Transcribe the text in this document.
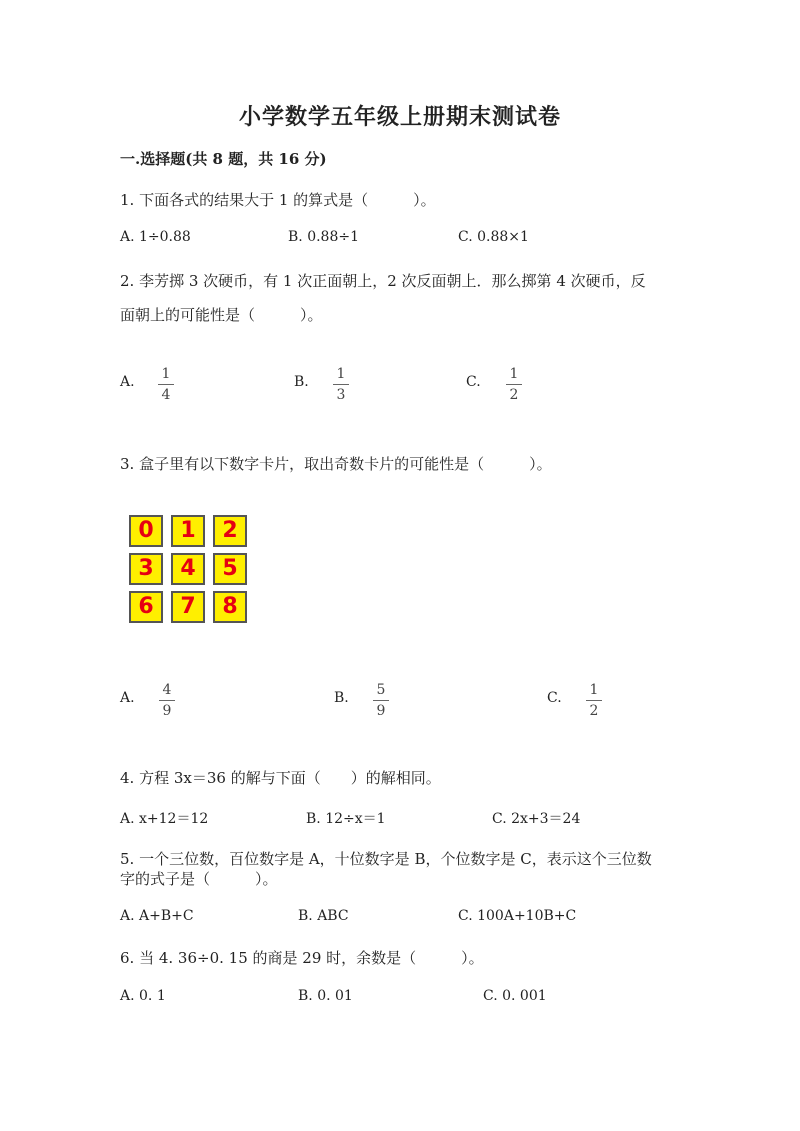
小学数学五年级上册期末测试卷
一.选择题(共 8 题，共 16 分)
1. 下面各式的结果大于 1 的算式是（　　　）。
A. 1÷0.88	B. 0.88÷1	C. 0.88×1
2. 李芳掷 3 次硬币，有 1 次正面朝上，2 次反面朝上．那么掷第 4 次硬币，反
面朝上的可能性是（　　　）。
A. 1
4
B. 1
3
C. 1
2
3. 盒子里有以下数字卡片，取出奇数卡片的可能性是（　　　）。
0	1	2
3	4	5
6	7	8
A. 4
9
B. 5
9
C. 1
2
4. 方程 3x＝36 的解与下面（　　）的解相同。
A. x+12＝12	B. 12÷x＝1	C. 2x+3＝24
5. 一个三位数，百位数字是 A，十位数字是 B，个位数字是 C，表示这个三位数
字的式子是（　　　）。
A. A+B+C	B. ABC	C. 100A+10B+C
6. 当 4. 36÷0. 15 的商是 29 时，余数是（　　　）。
A. 0. 1	B. 0. 01	C. 0. 001
